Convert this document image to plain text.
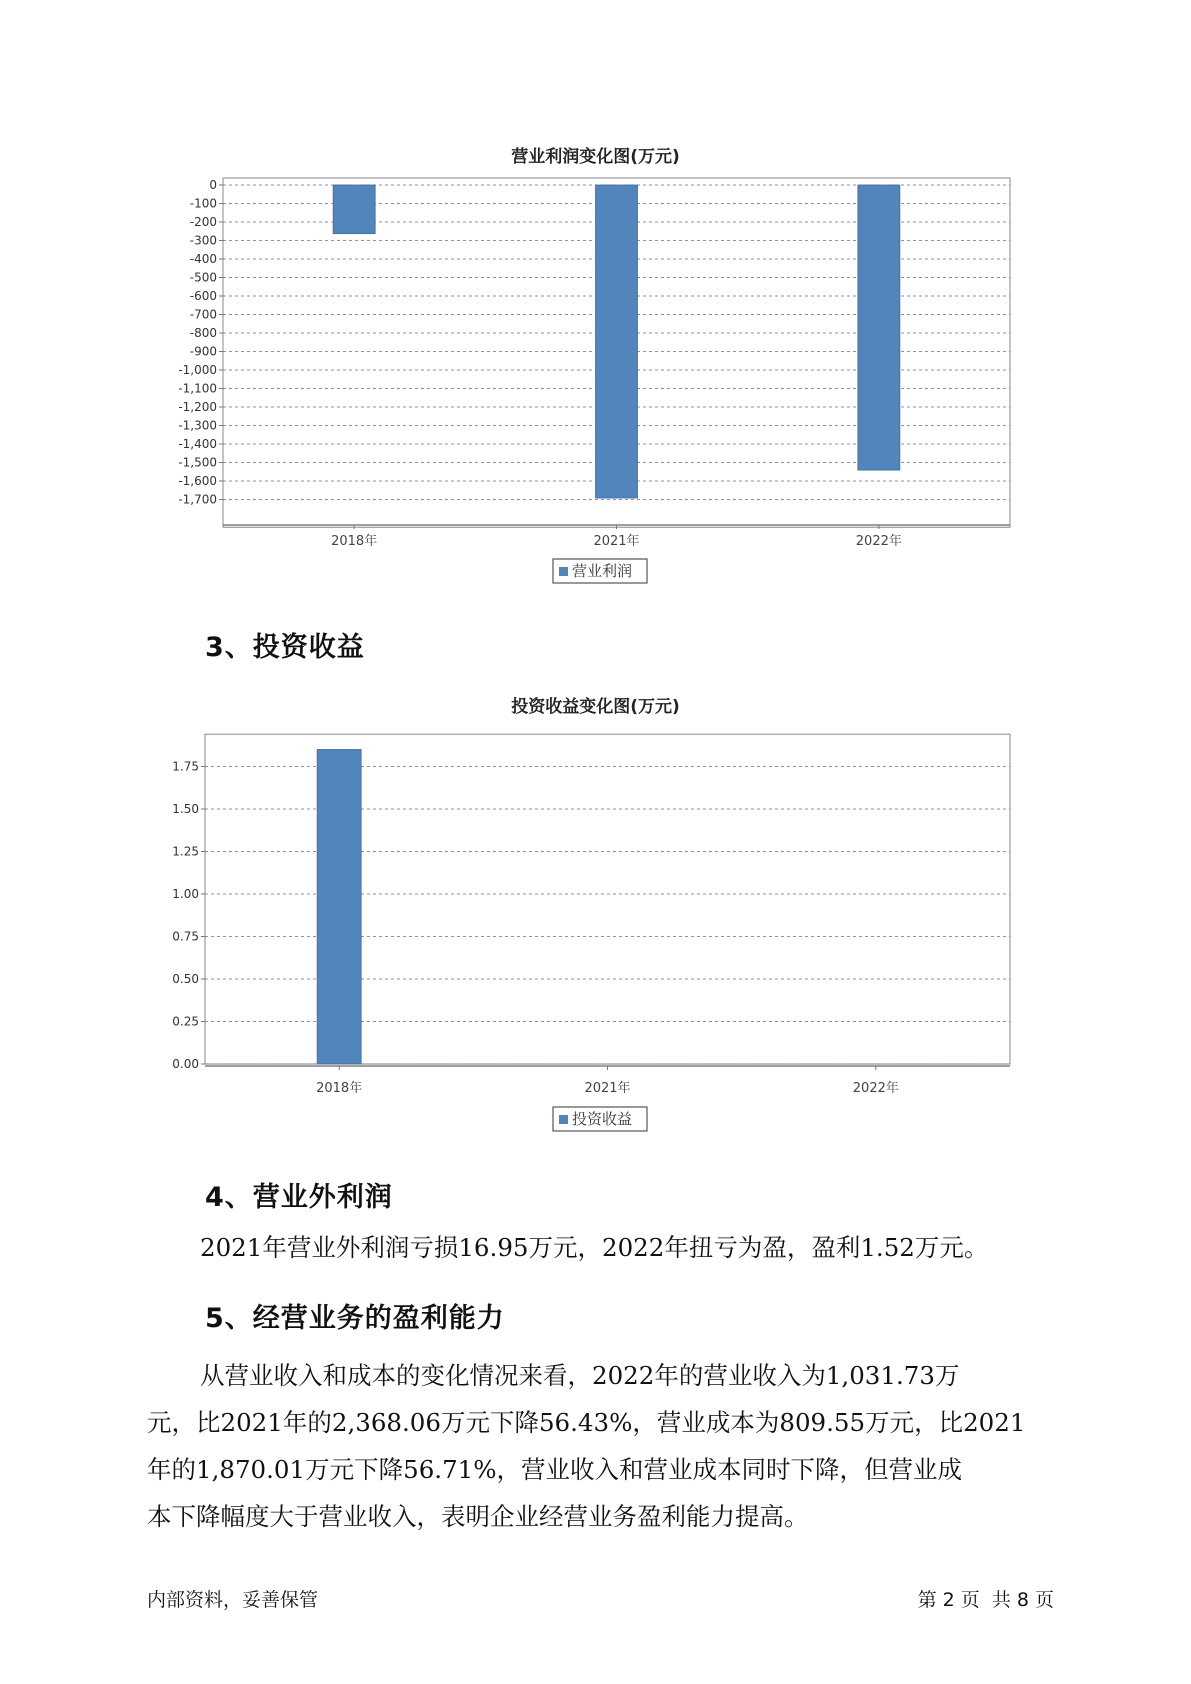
营业利润变化图(万元)
0
-100
-200
-300
-400
-500
-600
-700
-800
-900
-1,000
-1,100
-1,200
-1,300
-1,400
-1,500
-1,600
-1,700
2018年	2021年	2022年
营业利润
3、投资收益
投资收益变化图(万元)
0.00
0.25
0.50
0.75
1.00
1.25
1.50
1.75
2018年	2021年	2022年
投资收益
4、营业外利润
2021年营业外利润亏损16.95万元，2022年扭亏为盈，盈利1.52万元。
5、经营业务的盈利能力
从营业收入和成本的变化情况来看，2022年的营业收入为1,031.73万
元，比2021年的2,368.06万元下降56.43%，营业成本为809.55万元，比2021
年的1,870.01万元下降56.71%，营业收入和营业成本同时下降，但营业成
本下降幅度大于营业收入，表明企业经营业务盈利能力提高。
内部资料，妥善保管	第 2 页  共 8 页
